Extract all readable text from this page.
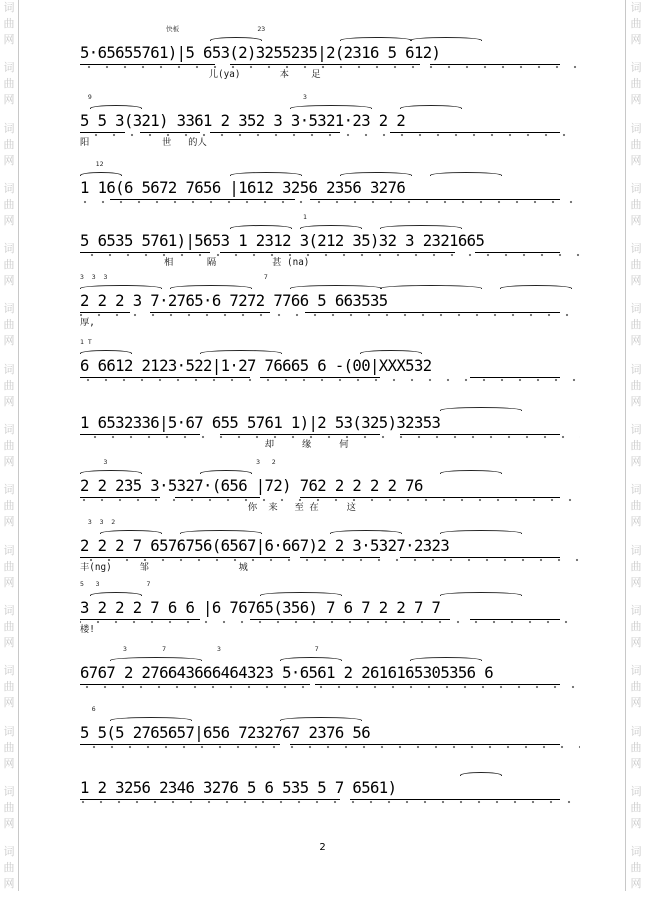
词
曲
网
词
曲
网
词
曲
网
词
曲
网
词
曲
网
词
曲
网
词
曲
网
词
曲
网
词
曲
网
词
曲
网
词
曲
网
词
曲
网
词
曲
网
词
曲
网
词
曲
网
词
曲
网
词
曲
网
词
曲
网
词
曲
网
词
曲
网
词
曲
网
词
曲
网
词
曲
网
词
曲
网
词
曲
网
词
曲
网
词
曲
网
词
曲
网
词
曲
网
词
曲
网
快板                    23
5·65655761)|5 653(2)3255235|2(2316 5 612)
儿(ya)       本    足
9                                                      3
5 5 3(321) 3361 2 352 3 3·5321·23 2 2
阳             世   的人
12
1 16(6 5672 7656 |1612 3256 2356 3276
1
5 6535 5761)|5653 1 2312 3(212 35)32 3 2321665
相      隔          甚 (na)
3  3  3                                        7
2 2 2 3 7·2765·6 7272 7766 5 663535
厚,
1 T
6 6612 2123·522|1·27 76665 6 -(00|XXX532
1 6532336|5·67 655 5761 1)|2 53(325)32353
却     缘     何
3                                      3   2
2 2 235 3·5327·(656 |72) 762 2 2 2 2 76
你  来   至 在     这
3  3  2
2 2 2 7 6576756(6567|6·667)2 2 3·5327·2323
丰(ng)     邹                城
5   3            7
3 2 2 2 7 6 6 |6 76765(356) 7 6 7 2 2 7 7
楼!
3         7             3                        7
6767 2 276643666464323 5·6561 2 2616165305356 6
6
5 5(5 2765657|656 7232767 2376 56
1 2 3256 2346 3276 5 6 535 5 7 6561)
2
